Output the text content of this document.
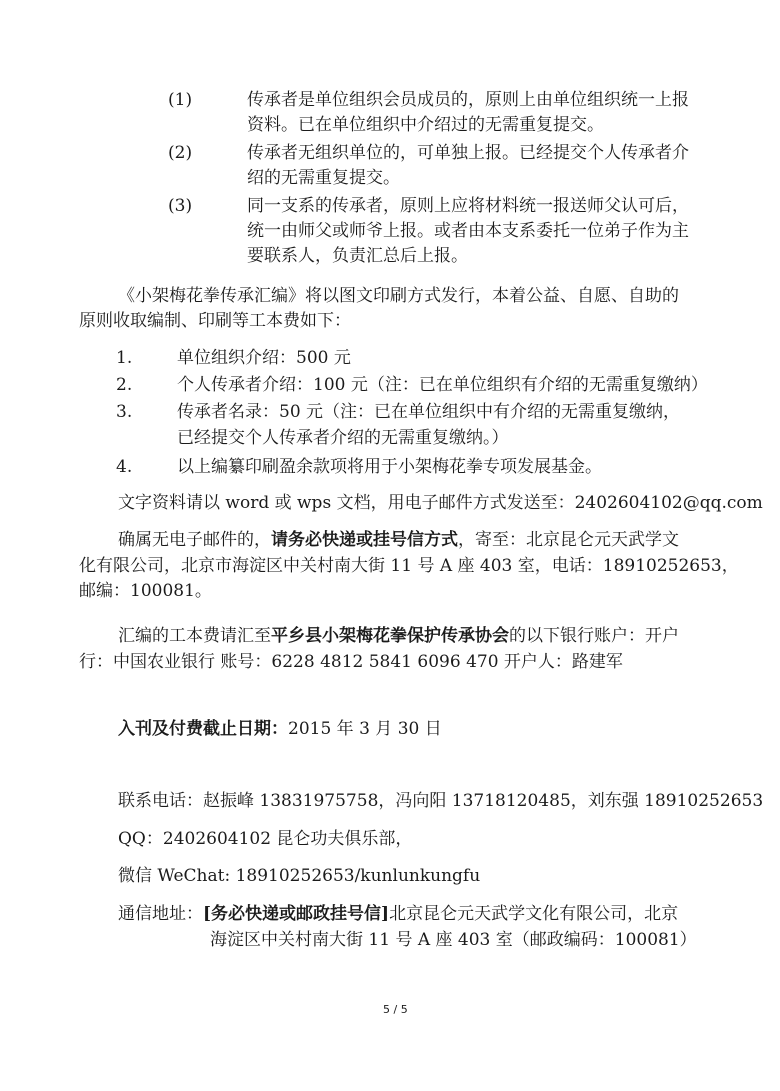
(1)	传承者是单位组织会员成员的，原则上由单位组织统一上报
资料。已在单位组织中介绍过的无需重复提交。
(2)	传承者无组织单位的，可单独上报。已经提交个人传承者介
绍的无需重复提交。
(3)	同一支系的传承者，原则上应将材料统一报送师父认可后，
统一由师父或师爷上报。或者由本支系委托一位弟子作为主
要联系人，负责汇总后上报。
《小架梅花拳传承汇编》将以图文印刷方式发行，本着公益、自愿、自助的
原则收取编制、印刷等工本费如下：
1.	单位组织介绍：500 元
2.	个人传承者介绍：100 元（注：已在单位组织有介绍的无需重复缴纳）
3.	传承者名录：50 元（注：已在单位组织中有介绍的无需重复缴纳，
已经提交个人传承者介绍的无需重复缴纳。）
4.	以上编纂印刷盈余款项将用于小架梅花拳专项发展基金。
文字资料请以 word 或 wps 文档，用电子邮件方式发送至：2402604102@qq.com
确属无电子邮件的，请务必快递或挂号信方式，寄至：北京昆仑元天武学文
化有限公司，北京市海淀区中关村南大街 11 号 A 座 403 室，电话：18910252653，
邮编：100081。
汇编的工本费请汇至平乡县小架梅花拳保护传承协会的以下银行账户：开户
行：中国农业银行 账号：6228 4812 5841 6096 470 开户人：路建军
入刊及付费截止日期：2015 年 3 月 30 日
联系电话：赵振峰 13831975758，冯向阳 13718120485，刘东强 18910252653
QQ：2402604102 昆仑功夫俱乐部，
微信 WeChat: 18910252653/kunlunkungfu
通信地址：[务必快递或邮政挂号信]北京昆仑元天武学文化有限公司，北京
海淀区中关村南大街 11 号 A 座 403 室（邮政编码：100081）
5 / 5
